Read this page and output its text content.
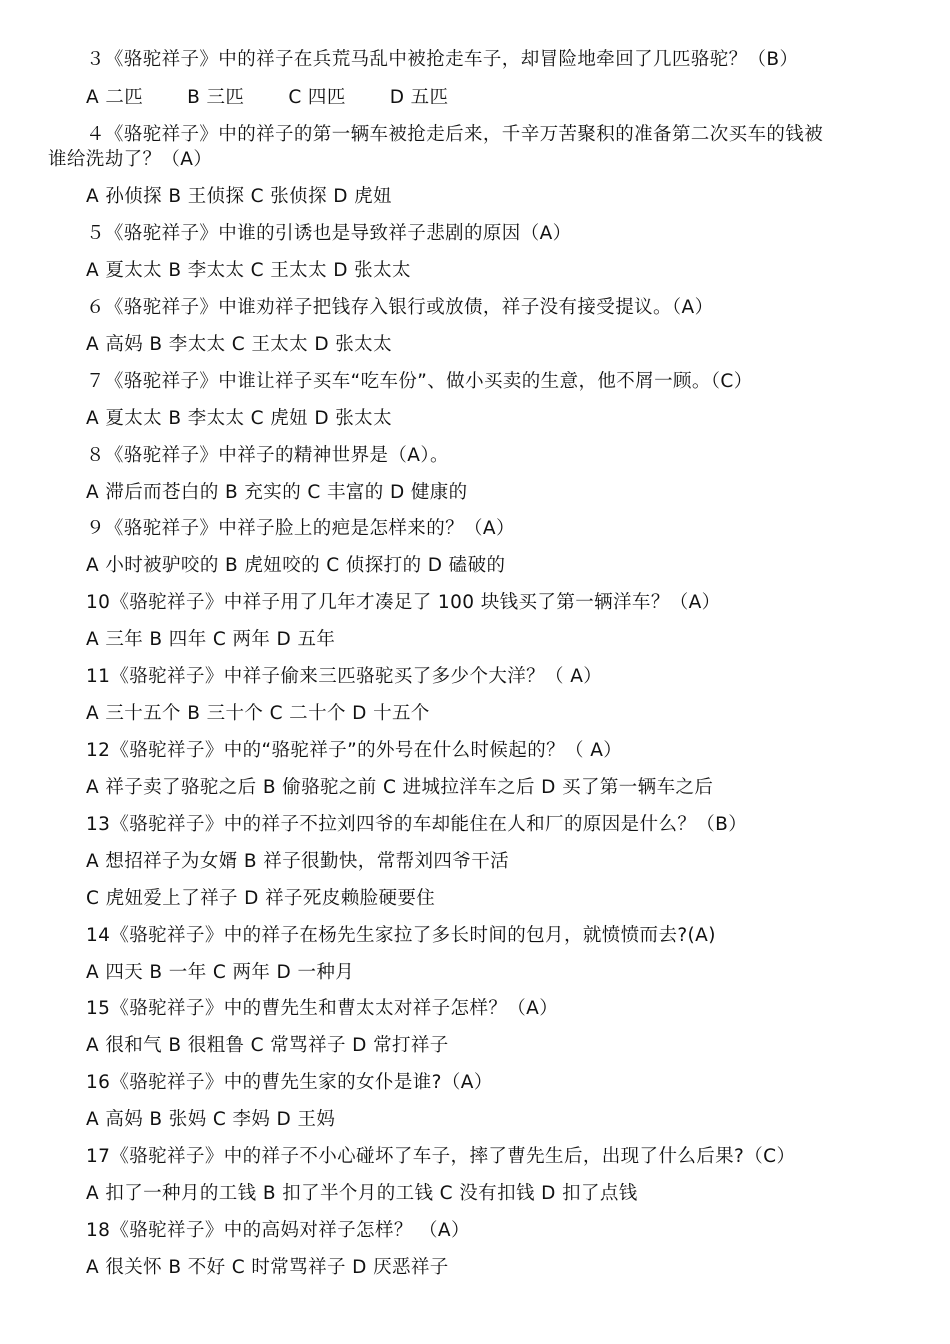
３《骆驼祥子》中的祥子在兵荒马乱中被抢走车子，却冒险地牵回了几匹骆驼？（B）
A 二匹 B 三匹 C 四匹 D 五匹
４《骆驼祥子》中的祥子的第一辆车被抢走后来，千辛万苦聚积的准备第二次买车的钱被
谁给洗劫了？（A）
A 孙侦探 B 王侦探 C 张侦探 D 虎妞
５《骆驼祥子》中谁的引诱也是导致祥子悲剧的原因（A）
A 夏太太 B 李太太 C 王太太 D 张太太
６《骆驼祥子》中谁劝祥子把钱存入银行或放债，祥子没有接受提议。（A）
A 高妈 B 李太太 C 王太太 D 张太太
７《骆驼祥子》中谁让祥子买车“吃车份”、做小买卖的生意，他不屑一顾。（C）
A 夏太太 B 李太太 C 虎妞 D 张太太
８《骆驼祥子》中祥子的精神世界是（A）。
A 滞后而苍白的 B 充实的 C 丰富的 D 健康的
９《骆驼祥子》中祥子脸上的疤是怎样来的？（A）
A 小时被驴咬的 B 虎妞咬的 C 侦探打的 D 磕破的
10《骆驼祥子》中祥子用了几年才凑足了 100 块钱买了第一辆洋车？（A）
A 三年 B 四年 C 两年 D 五年
11《骆驼祥子》中祥子偷来三匹骆驼买了多少个大洋？（ A）
A 三十五个 B 三十个 C 二十个 D 十五个
12《骆驼祥子》中的“骆驼祥子”的外号在什么时候起的？（ A）
A 祥子卖了骆驼之后 B 偷骆驼之前 C 进城拉洋车之后 D 买了第一辆车之后
13《骆驼祥子》中的祥子不拉刘四爷的车却能住在人和厂的原因是什么？（B）
A 想招祥子为女婿 B 祥子很勤快，常帮刘四爷干活
C 虎妞爱上了祥子 D 祥子死皮赖脸硬要住
14《骆驼祥子》中的祥子在杨先生家拉了多长时间的包月，就愤愤而去?(A)
A 四天 B 一年 C 两年 D 一种月
15《骆驼祥子》中的曹先生和曹太太对祥子怎样？（A）
A 很和气 B 很粗鲁 C 常骂祥子 D 常打祥子
16《骆驼祥子》中的曹先生家的女仆是谁?（A）
A 高妈 B 张妈 C 李妈 D 王妈
17《骆驼祥子》中的祥子不小心碰坏了车子，摔了曹先生后，出现了什么后果?（C）
A 扣了一种月的工钱 B 扣了半个月的工钱 C 没有扣钱 D 扣了点钱
18《骆驼祥子》中的高妈对祥子怎样？ （A）
A 很关怀 B 不好 C 时常骂祥子 D 厌恶祥子
